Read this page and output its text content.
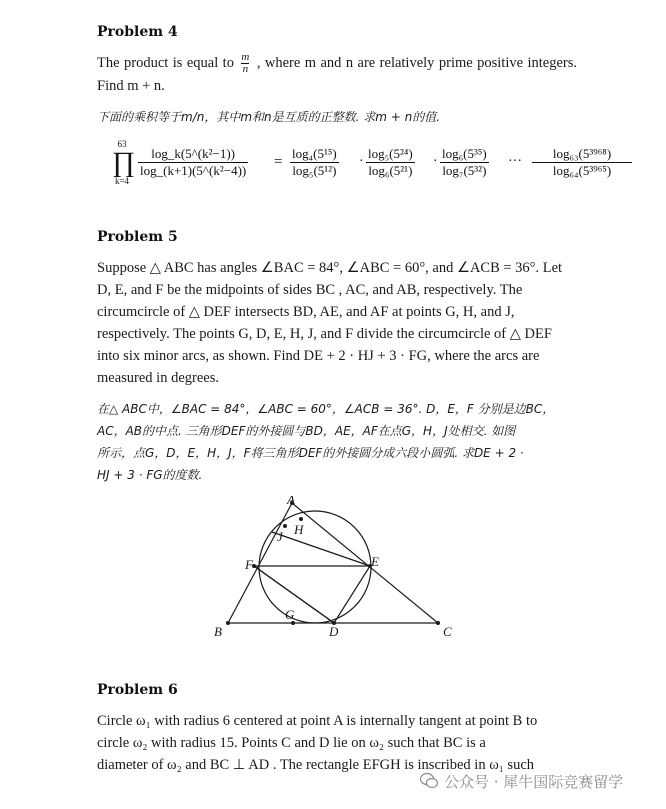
Problem 4
The product is equal to $\frac{m}{n}$ , where m and n are relatively prime positive integers. Find m + n.
下面的乘积等于m/n，其中m和n是互质的正整数. 求m + n的值.
63
∏
k=4
$\frac{\text{log\_k(5\textasciicircum{}(k²−1))}}{\text{log\_(k+1)(5\textasciicircum{}(k²−4))}} = \frac{\text{log₄(5¹⁵)}}{\text{log₅(5¹²)}} \cdot \frac{\text{log₅(5²⁴)}}{\text{log₆(5²¹)}} \cdot \frac{\text{log₆(5³⁵)}}{\text{log₇(5³²)}}$ ··· $\frac{\text{log₆₃(5³⁹⁶⁸)}}{\text{log₆₄(5³⁹⁶⁵)}}$
Problem 5
Suppose △ ABC has angles ∠BAC = 84°, ∠ABC = 60°, and ∠ACB = 36°. Let
D, E, and F be the midpoints of sides BC , AC, and AB, respectively. The
circumcircle of △ DEF intersects BD, AE, and AF at points G, H, and J,
respectively. The points G, D, E, H, J, and F divide the circumcircle of △ DEF
into six minor arcs, as shown. Find DE + 2 · HJ + 3 · FG, where the arcs are
measured in degrees.
在△ ABC中，∠BAC = 84°，∠ABC = 60°，∠ACB = 36°. D，E，F 分别是边BC，
AC，AB的中点. 三角形DEF的外接圆与BD，AE，AF在点G，H，J处相交. 如图
所示，点G，D，E，H，J，F将三角形DEF的外接圆分成六段小圆弧. 求DE + 2 ·
HJ + 3 · FG的度数.
A
B	C
D
E
F
G
H
J
Problem 6
Circle ω₁ with radius 6 centered at point A is internally tangent at point B to
circle ω₂ with radius 15. Points C and D lie on ω₂ such that BC is a
diameter of ω₂ and BC ⊥ AD . The rectangle EFGH is inscribed in ω₁ such
公众号 · 犀牛国际竞赛留学
